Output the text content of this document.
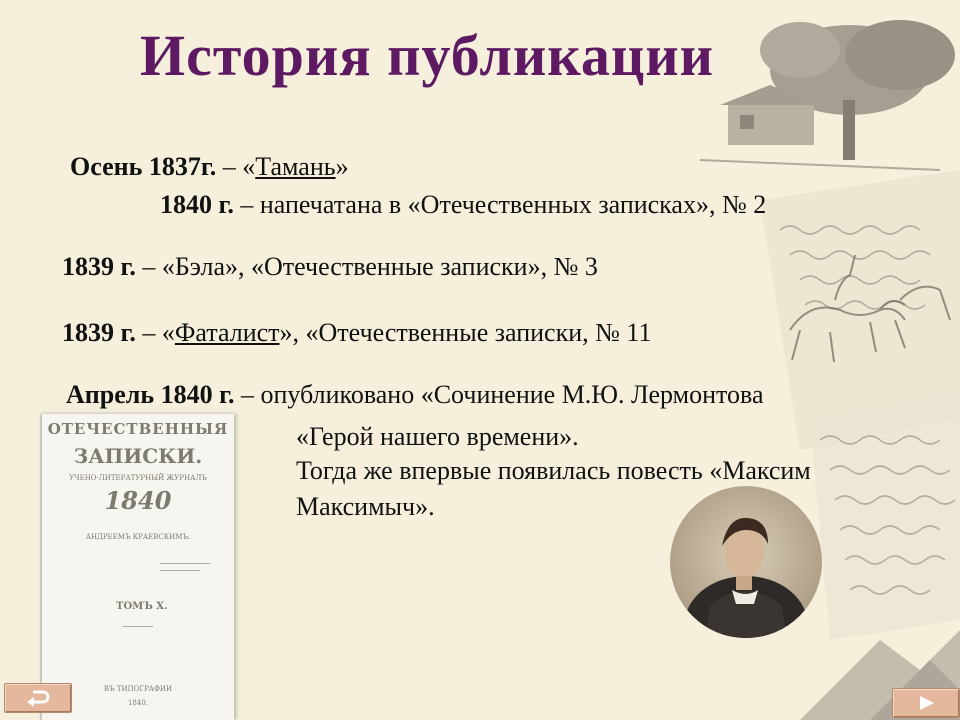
История публикации
Осень 1837г. – «Тамань»
1840 г. – напечатана в «Отечественных записках», № 2
1839 г. – «Бэла», «Отечественные записки», № 3
1839 г. – «Фаталист», «Отечественные записки, № 11
Апрель 1840 г. – опубликовано «Сочинение М.Ю. Лермонтова
«Герой нашего времени».
Тогда же впервые появилась повесть «Максим
Максимыч».
ОТЕЧЕСТВЕННЫЯ
ЗАПИСКИ.
УЧЕНО-ЛИТЕРАТУРНЫЙ ЖУРНАЛЪ
1840
АНДРЕЕМЪ КРАЕВСКИМЪ.
ТОМЪ X.
ВЪ ТИПОГРАФИИ
1840.
